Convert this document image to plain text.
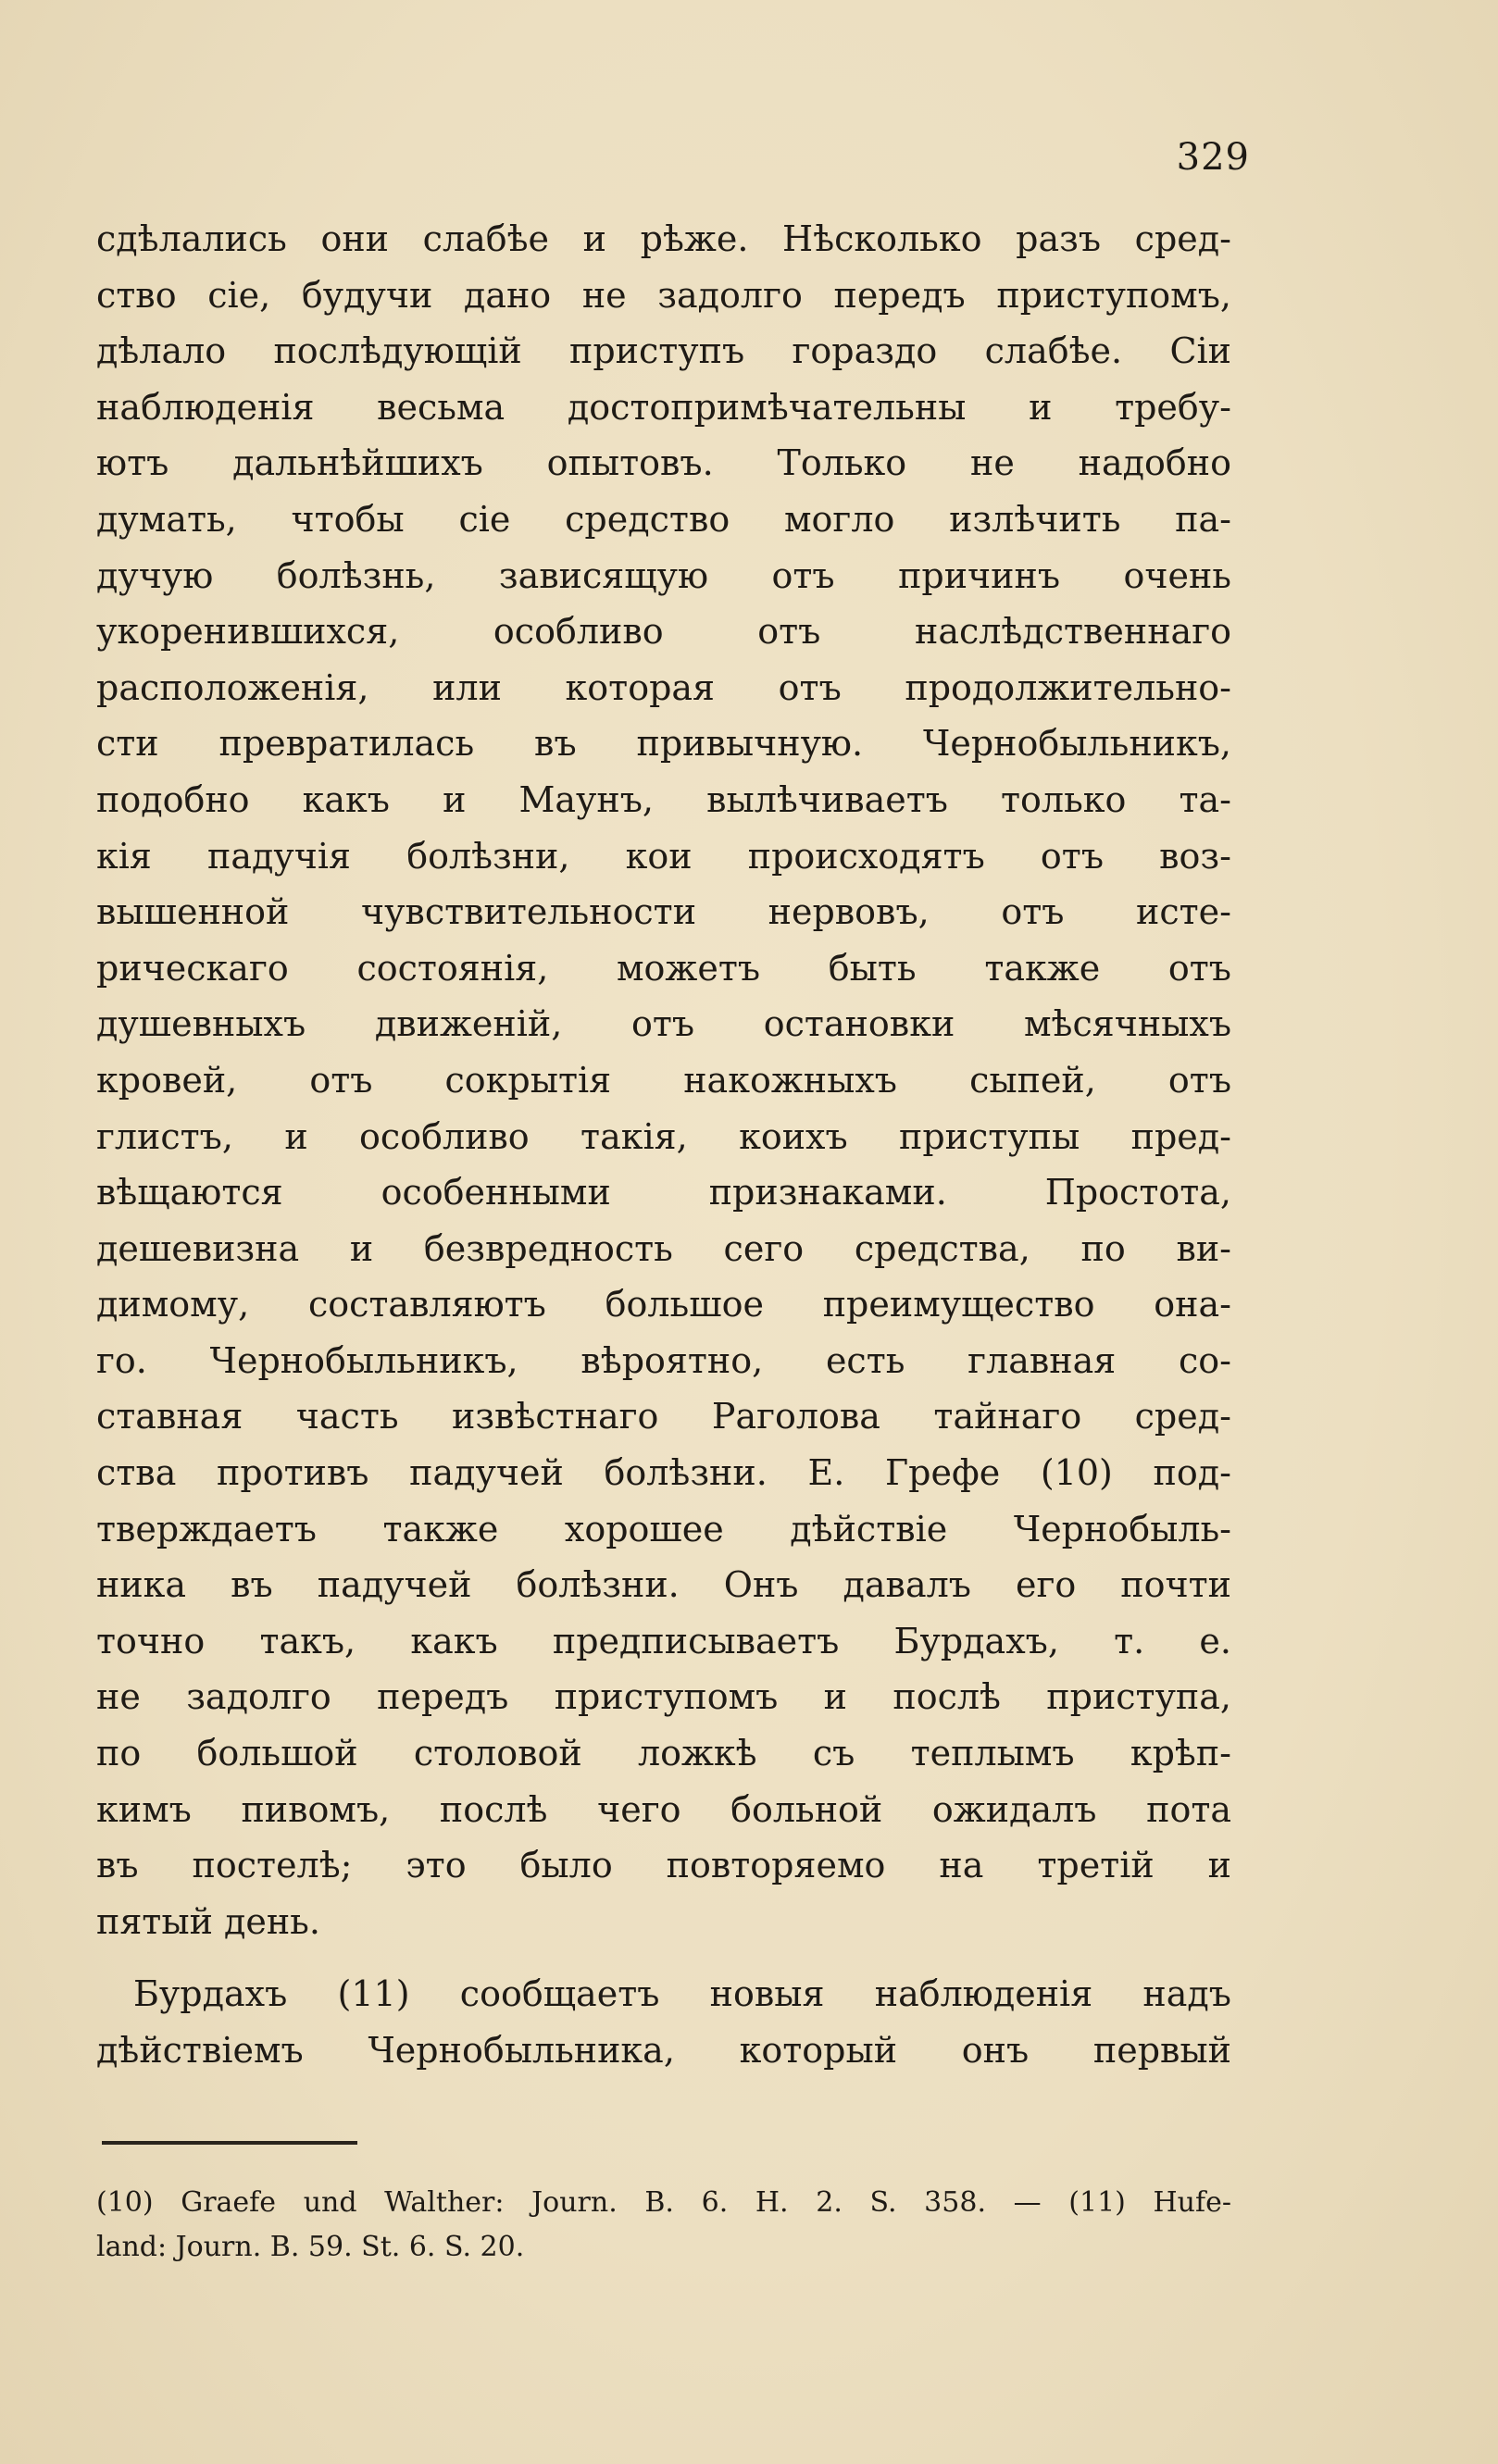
329
сдѣлались они слабѣе и рѣже. Нѣсколько разъ сред-
ство сіе, будучи дано не задолго передъ приступомъ,
дѣлало послѣдующій приступъ гораздо слабѣе. Сіи
наблюденія весьма достопримѣчательны и требу-
ютъ дальнѣйшихъ опытовъ. Только не надобно
думать, чтобы сіе средство могло излѣчить па-
дучую болѣзнь, зависящую отъ причинъ очень
укоренившихся, особливо отъ наслѣдственнаго
расположенія, или которая отъ продолжительно-
сти превратилась въ привычную. Чернобыльникъ,
подобно какъ и Маунъ, вылѣчиваетъ только та-
кія падучія болѣзни, кои происходятъ отъ воз-
вышенной чувствительности нервовъ, отъ исте-
рическаго состоянія, можетъ быть также отъ
душевныхъ движеній, отъ остановки мѣсячныхъ
кровей, отъ сокрытія накожныхъ сыпей, отъ
глистъ, и особливо такія, коихъ приступы пред-
вѣщаются особенными признаками. Простота,
дешевизна и безвредность сего средства, по ви-
димому, составляютъ большое преимущество она-
го. Чернобыльникъ, вѣроятно, есть главная со-
ставная часть извѣстнаго Раголова тайнаго сред-
ства противъ падучей болѣзни. Е. Грефе (10) под-
тверждаетъ также хорошее дѣйствіе Чернобыль-
ника въ падучей болѣзни. Онъ давалъ его почти
точно такъ, какъ предписываетъ Бурдахъ, т. е.
не задолго передъ приступомъ и послѣ приступа,
по большой столовой ложкѣ съ теплымъ крѣп-
кимъ пивомъ, послѣ чего больной ожидалъ пота
въ постелѣ; это было повторяемо на третій и
пятый день.
Бурдахъ (11) сообщаетъ новыя наблюденія надъ
дѣйствіемъ Чернобыльника, который онъ первый
(10) Graefe und Walther: Journ. B. 6. H. 2. S. 358. — (11) Hufe-
land: Journ. B. 59. St. 6. S. 20.
